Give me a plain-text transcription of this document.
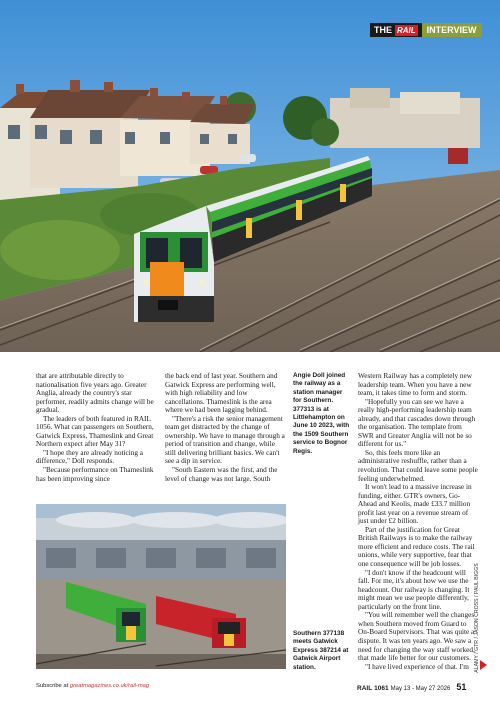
THE RAIL	INTERVIEW

that are attributable directly to nationalisation five years ago. Greater Anglia, already the country's star performer, readily admits change will be gradual.

The leaders of both featured in RAIL 1056. What can passengers on Southern, Gatwick Express, Thameslink and Great Northern expect after May 31?

"I hope they are already noticing a difference," Doll responds.

"Because performance on Thameslink has been improving since

the back end of last year. Southern and Gatwick Express are performing well, with high reliability and low cancellations. Thameslink is the area where we had been lagging behind.

"There's a risk the senior management team get distracted by the change of ownership. We have to manage through a period of transition and change, while still delivering brilliant basics. We can't see a dip in service.

"South Eastern was the first, and the level of change was not large. South

Angie Doll joined the railway as a station manager for Southern. 377313 is at Littlehampton on June 10 2023, with the 1509 Southern service to Bognor Regis.
Southern 377138 meets Gatwick Express 387214 at Gatwick Airport station.

Western Railway has a completely new leadership team. When you have a new team, it takes time to form and storm.

"Hopefully you can see we have a really high-performing leadership team already, and that cascades down through the organisation. The template from SWR and Greater Anglia will not be so different for us."

So, this feels more like an administrative reshuffle, rather than a revolution. That could leave some people feeling underwhelmed.

It won't lead to a massive increase in funding, either. GTR's owners, Go-Ahead and Keolis, made £33.7 million profit last year on a revenue stream of just under £2 billion.

Part of the justification for Great British Railways is to make the railway more efficient and reduce costs. The rail unions, while very supportive, fear that one consequence will be job losses.

"I don't know if the headcount will fall. For me, it's about how we use the headcount. Our railway is changing. It might mean we use people differently, particularly on the front line.

"You will remember well the changes when Southern moved from Guard to On-Board Supervisors. That was quite a dispute. It was ten years ago. We saw a need for changing the way staff worked, that made life better for our customers.

"I have lived experience of that. I'm ALAMY / GTR / JASON CROSS / PAUL BIGGS
Subscribe at greatmagazines.co.uk/rail-mag	RAIL 1061 May 13 - May 27 2026 51
